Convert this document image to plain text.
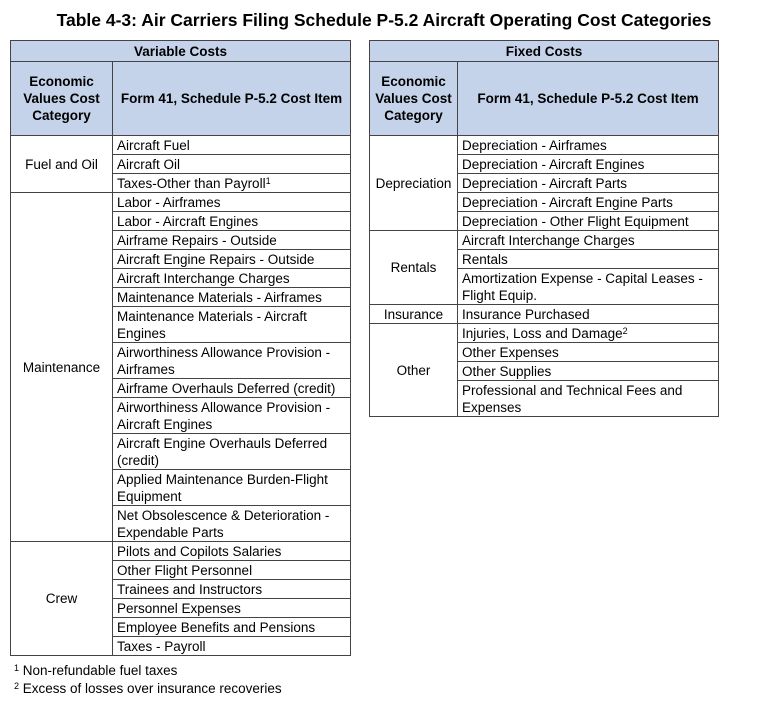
Table 4-3: Air Carriers Filing Schedule P-5.2 Aircraft Operating Cost Categories
Variable Costs	
Economic Values Cost Category	Form 41, Schedule P-5.2 Cost Item
Fuel and Oil	Aircraft Fuel
	Aircraft Oil
	Taxes-Other than Payroll$^1$
Maintenance	Labor - Airframes
	Labor - Aircraft Engines
	Airframe Repairs - Outside
	Aircraft Engine Repairs - Outside
	Aircraft Interchange Charges
	Maintenance Materials - Airframes
	Maintenance Materials - Aircraft Engines
	Airworthiness Allowance Provision - Airframes
	Airframe Overhauls Deferred (credit)
	Airworthiness Allowance Provision - Aircraft Engines
	Aircraft Engine Overhauls Deferred (credit)
	Applied Maintenance Burden-Flight Equipment
	Net Obsolescence & Deterioration - Expendable Parts
Crew	Pilots and Copilots Salaries
	Other Flight Personnel
	Trainees and Instructors
	Personnel Expenses
	Employee Benefits and Pensions
	Taxes - Payroll
Fixed Costs	
Economic Values Cost Category	Form 41, Schedule P-5.2 Cost Item
Depreciation	Depreciation - Airframes
	Depreciation - Aircraft Engines
	Depreciation - Aircraft Parts
	Depreciation - Aircraft Engine Parts
	Depreciation - Other Flight Equipment
Rentals	Aircraft Interchange Charges
	Rentals
	Amortization Expense - Capital Leases - Flight Equip.
Insurance	Insurance Purchased
Other	Injuries, Loss and Damage$^2$
	Other Expenses
	Other Supplies
	Professional and Technical Fees and Expenses
$^1$ Non-refundable fuel taxes
$^2$ Excess of losses over insurance recoveries
